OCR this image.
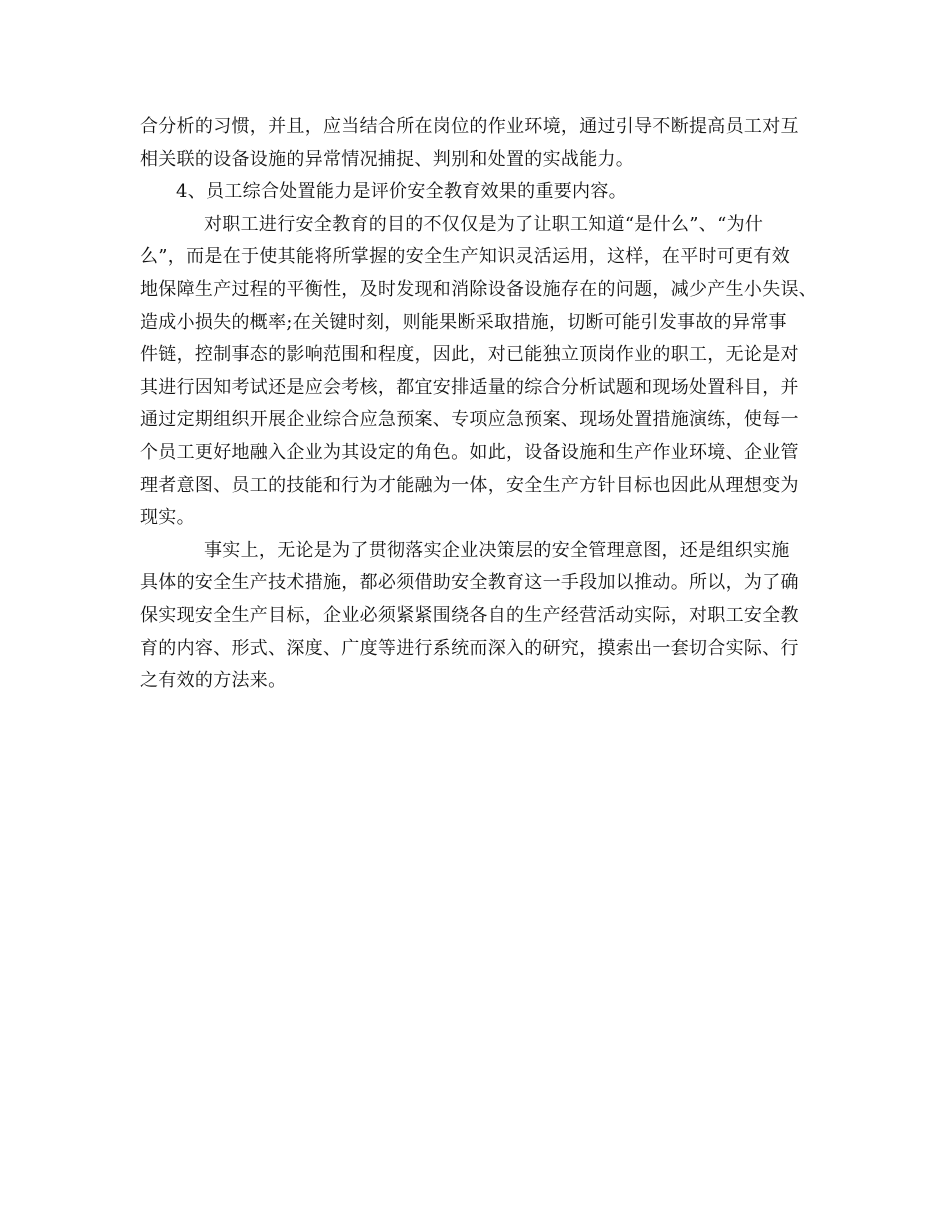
合分析的习惯，并且，应当结合所在岗位的作业环境，通过引导不断提高员工对互
相关联的设备设施的异常情况捕捉、判别和处置的实战能力。
4、员工综合处置能力是评价安全教育效果的重要内容。
对职工进行安全教育的目的不仅仅是为了让职工知道“是什么”、“为什
么”，而是在于使其能将所掌握的安全生产知识灵活运用，这样，在平时可更有效
地保障生产过程的平衡性，及时发现和消除设备设施存在的问题，减少产生小失误、
造成小损失的概率;在关键时刻，则能果断采取措施，切断可能引发事故的异常事
件链，控制事态的影响范围和程度，因此，对已能独立顶岗作业的职工，无论是对
其进行因知考试还是应会考核，都宜安排适量的综合分析试题和现场处置科目，并
通过定期组织开展企业综合应急预案、专项应急预案、现场处置措施演练，使每一
个员工更好地融入企业为其设定的角色。如此，设备设施和生产作业环境、企业管
理者意图、员工的技能和行为才能融为一体，安全生产方针目标也因此从理想变为
现实。
事实上，无论是为了贯彻落实企业决策层的安全管理意图，还是组织实施
具体的安全生产技术措施，都必须借助安全教育这一手段加以推动。所以，为了确
保实现安全生产目标，企业必须紧紧围绕各自的生产经营活动实际，对职工安全教
育的内容、形式、深度、广度等进行系统而深入的研究，摸索出一套切合实际、行
之有效的方法来。
